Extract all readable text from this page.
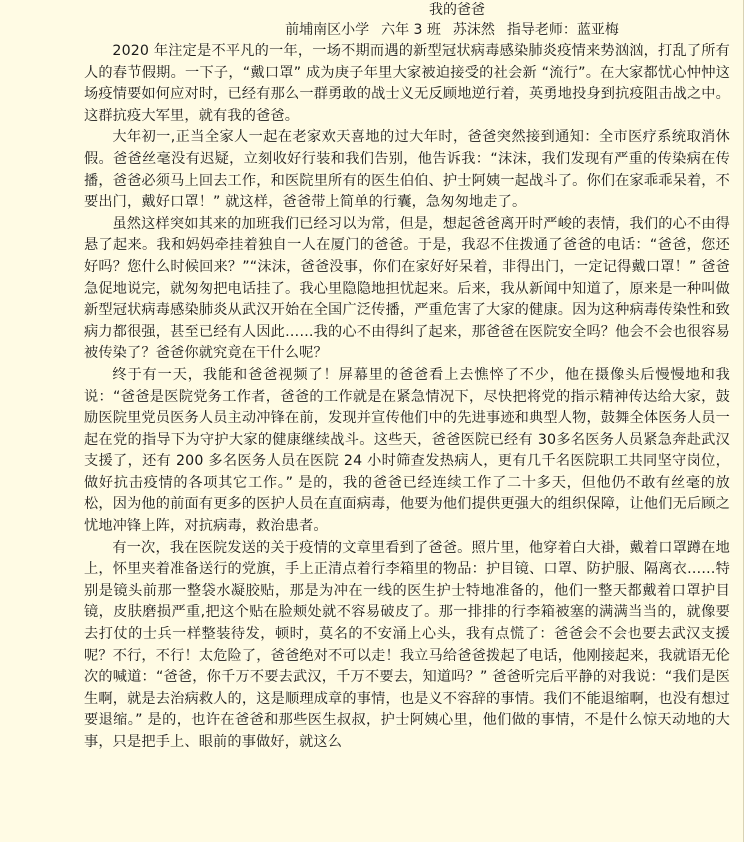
我的爸爸
前埔南区小学 六年 3 班 苏沫然 指导老师：蓝亚梅

2020 年注定是不平凡的一年，一场不期而遇的新型冠状病毒感染肺炎疫情来势汹汹，打乱了所有人的春节假期。一下子，“戴口罩” 成为庚子年里大家被迫接受的社会新 “流行”。在大家都忧心忡忡这场疫情要如何应对时，已经有那么一群勇敢的战士义无反顾地逆行着，英勇地投身到抗疫阻击战之中。这群抗疫大军里，就有我的爸爸。

大年初一,正当全家人一起在老家欢天喜地的过大年时，爸爸突然接到通知：全市医疗系统取消休假。爸爸丝毫没有迟疑，立刻收好行装和我们告别，他告诉我：“沫沫，我们发现有严重的传染病在传播，爸爸必须马上回去工作，和医院里所有的医生伯伯、护士阿姨一起战斗了。你们在家乖乖呆着，不要出门，戴好口罩！” 就这样，爸爸带上简单的行囊，急匆匆地走了。

虽然这样突如其来的加班我们已经习以为常，但是，想起爸爸离开时严峻的表情，我们的心不由得悬了起来。我和妈妈牵挂着独自一人在厦门的爸爸。于是，我忍不住拨通了爸爸的电话：“爸爸，您还好吗？您什么时候回来？”“沫沫，爸爸没事，你们在家好好呆着，非得出门，一定记得戴口罩！” 爸爸急促地说完，就匆匆把电话挂了。我心里隐隐地担忧起来。后来，我从新闻中知道了，原来是一种叫做新型冠状病毒感染肺炎从武汉开始在全国广泛传播，严重危害了大家的健康。因为这种病毒传染性和致病力都很强，甚至已经有人因此……我的心不由得纠了起来，那爸爸在医院安全吗？他会不会也很容易被传染了？爸爸你就究竟在干什么呢？

终于有一天，我能和爸爸视频了！屏幕里的爸爸看上去憔悴了不少，他在摄像头后慢慢地和我说：“爸爸是医院党务工作者，爸爸的工作就是在紧急情况下，尽快把将党的指示精神传达给大家，鼓励医院里党员医务人员主动冲锋在前，发现并宣传他们中的先进事迹和典型人物，鼓舞全体医务人员一起在党的指导下为守护大家的健康继续战斗。这些天，爸爸医院已经有 30多名医务人员紧急奔赴武汉支援了，还有 200 多名医务人员在医院 24 小时筛查发热病人，更有几千名医院职工共同坚守岗位，做好抗击疫情的各项其它工作。” 是的，我的爸爸已经连续工作了二十多天，但他仍不敢有丝毫的放松，因为他的前面有更多的医护人员在直面病毒，他要为他们提供更强大的组织保障，让他们无后顾之忧地冲锋上阵，对抗病毒，救治患者。

有一次，我在医院发送的关于疫情的文章里看到了爸爸。照片里，他穿着白大褂，戴着口罩蹲在地上，怀里夹着准备送行的党旗，手上正清点着行李箱里的物品：护目镜、口罩、防护服、隔离衣……特别是镜头前那一整袋水凝胶贴，那是为冲在一线的医生护士特地准备的，他们一整天都戴着口罩护目镜，皮肤磨损严重,把这个贴在脸颊处就不容易破皮了。那一排排的行李箱被塞的满满当当的，就像要去打仗的士兵一样整装待发，顿时，莫名的不安涌上心头，我有点慌了：爸爸会不会也要去武汉支援呢？不行，不行！太危险了，爸爸绝对不可以走！我立马给爸爸拨起了电话，他刚接起来，我就语无伦次的喊道：“爸爸，你千万不要去武汉，千万不要去，知道吗？” 爸爸听完后平静的对我说：“我们是医生啊，就是去治病救人的，这是顺理成章的事情，也是义不容辞的事情。我们不能退缩啊，也没有想过要退缩。” 是的，也许在爸爸和那些医生叔叔，护士阿姨心里，他们做的事情，不是什么惊天动地的大事，只是把手上、眼前的事做好，就这么
